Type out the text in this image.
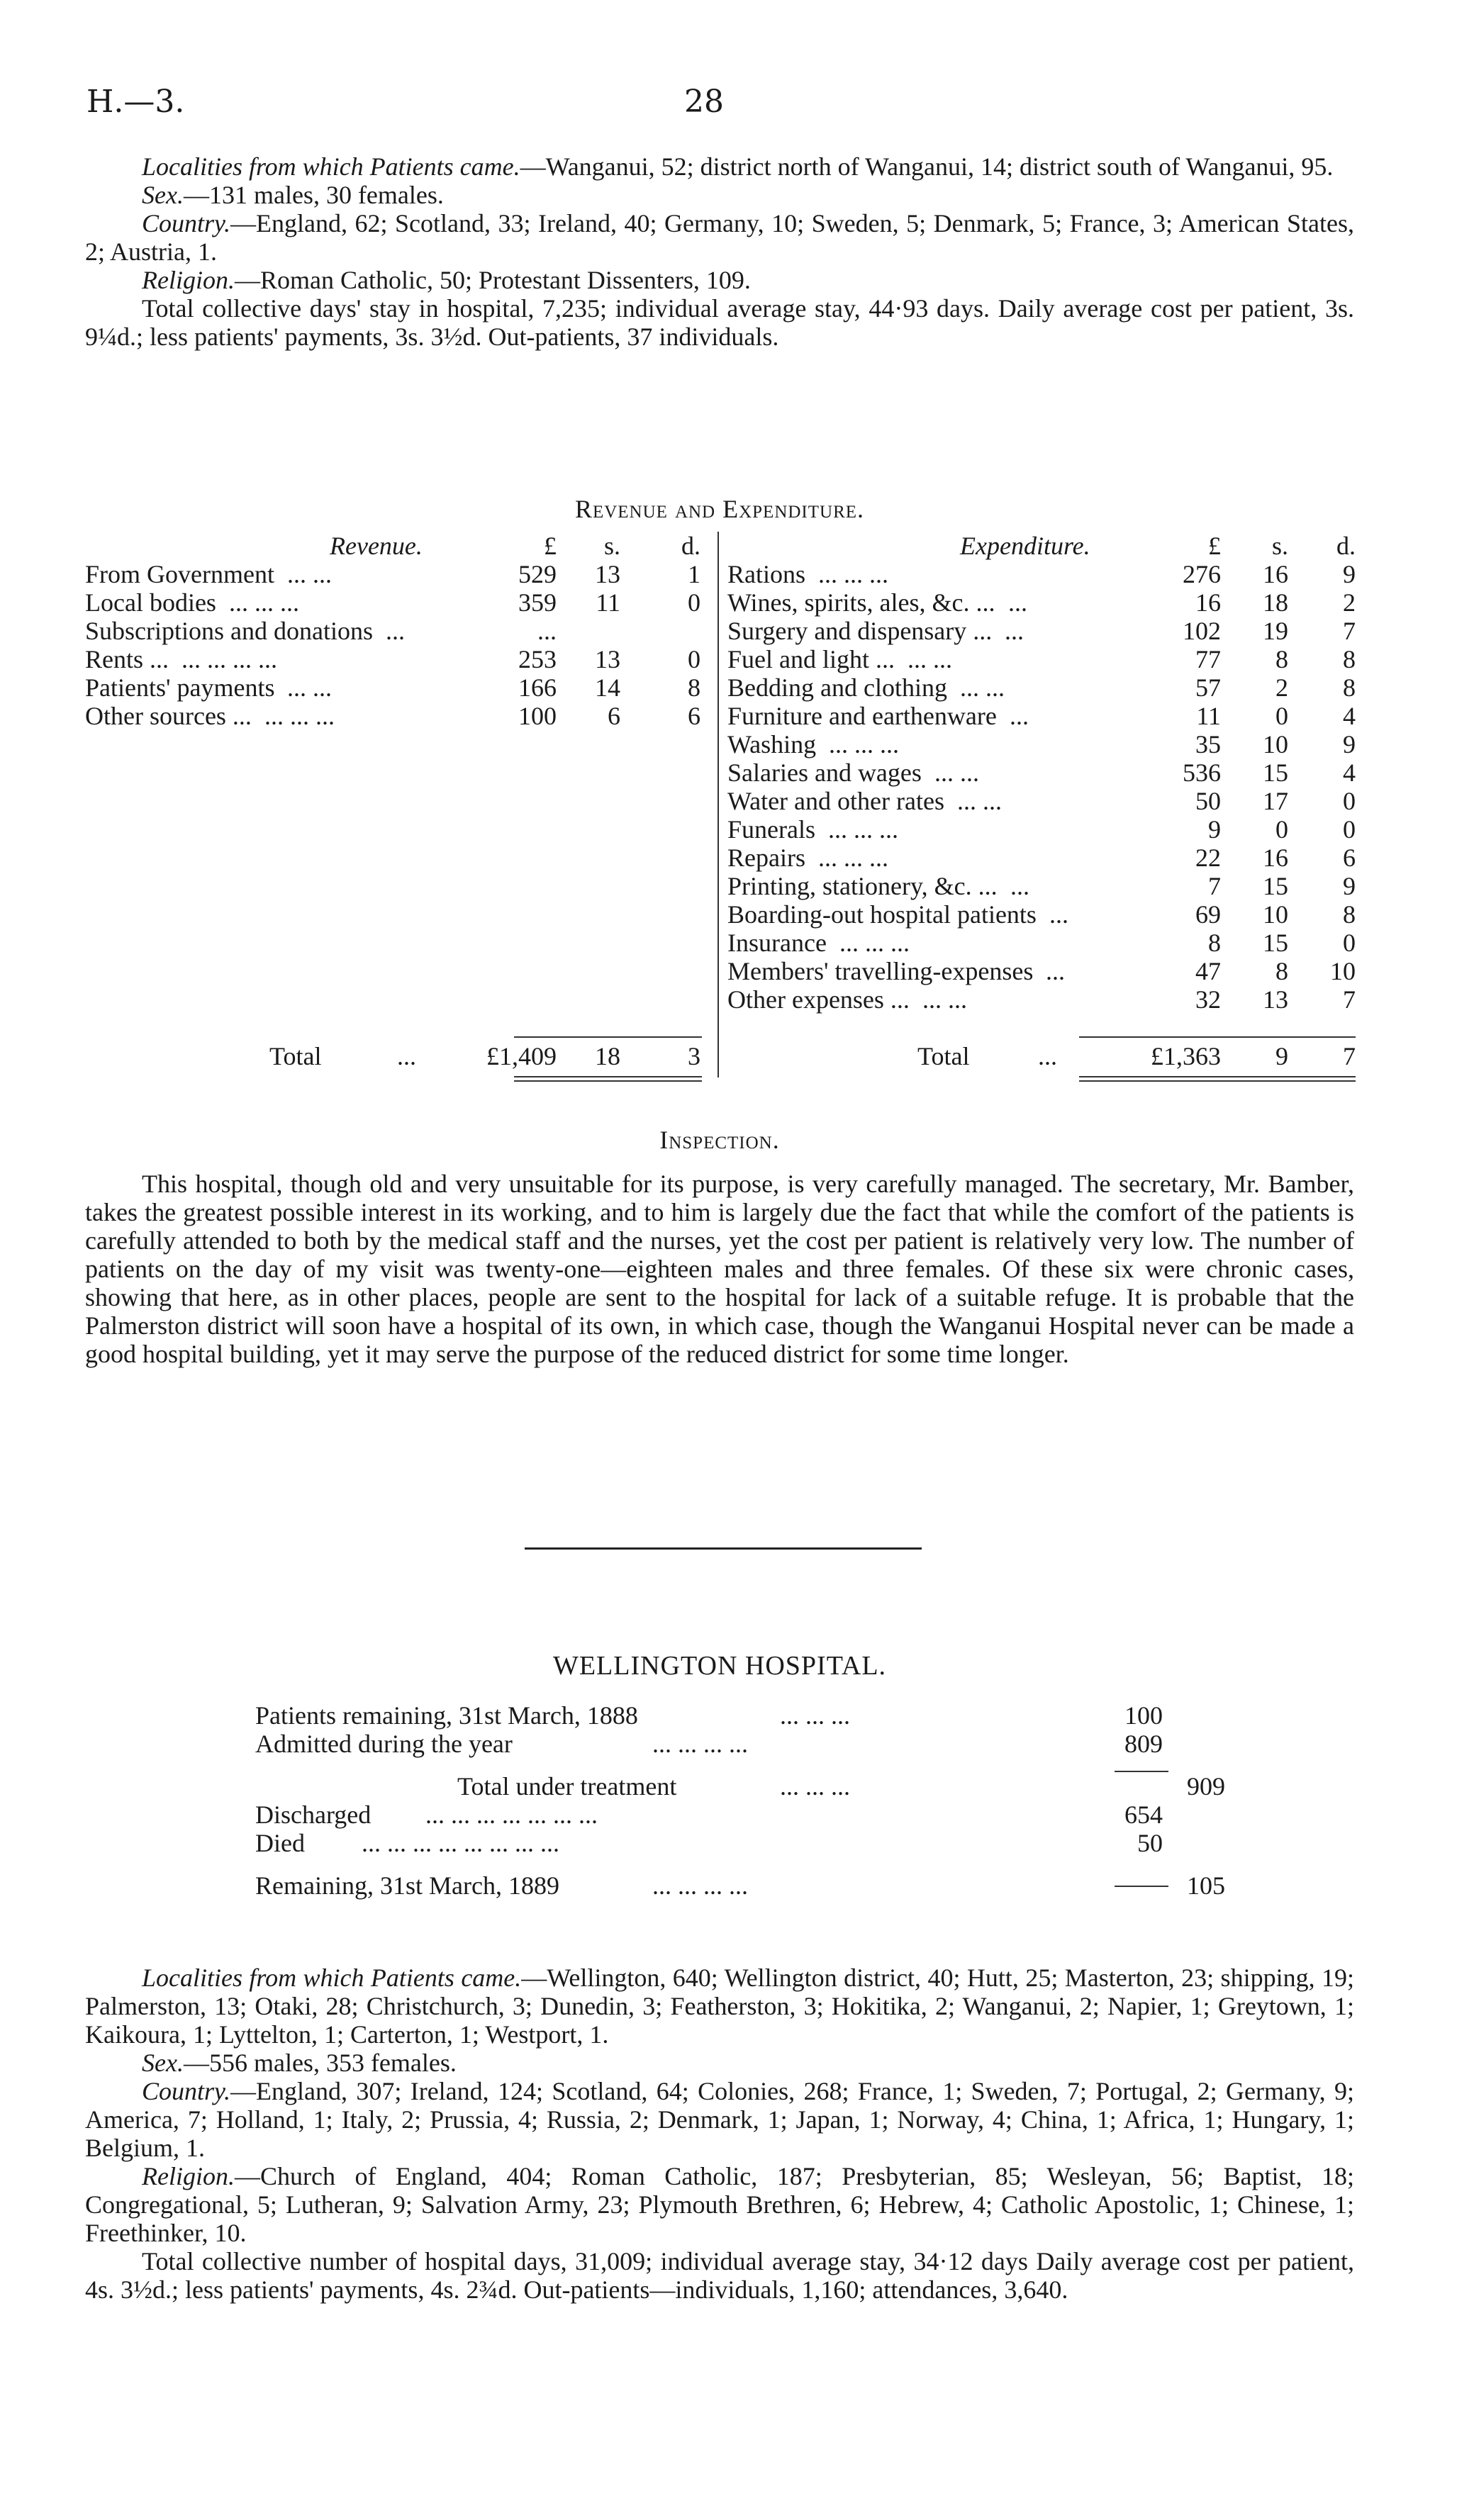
H.—3.	28

Localities from which Patients came.—Wanganui, 52; district north of Wanganui, 14; district south of Wanganui, 95.

Sex.—131 males, 30 females.

Country.—England, 62; Scotland, 33; Ireland, 40; Germany, 10; Sweden, 5; Denmark, 5; France, 3; American States, 2; Austria, 1.

Religion.—Roman Catholic, 50; Protestant Dissenters, 109.

Total collective days' stay in hospital, 7,235; individual average stay, 44·93 days. Daily average cost per patient, 3s. 9¼d.; less patients' payments, 3s. 3½d. Out-patients, 37 individuals.

Revenue and Expenditure.
Revenue.	£	s.	d.
From Government ... ...	529	13	1
Local bodies ... ... ...	359	11	0
Subscriptions and donations ...	...
Rents ... ... ... ... ...	253	13	0
Patients' payments ... ...	166	14	8
Other sources ... ... ... ...	100	6	6
Total	...	£1,409	18	3
Expenditure.	£	s.	d.
Rations ... ... ...	276	16	9
Wines, spirits, ales, &c. ... ...	16	18	2
Surgery and dispensary ... ...	102	19	7
Fuel and light ... ... ...	77	8	8
Bedding and clothing ... ...	57	2	8
Furniture and earthenware ...	11	0	4
Washing ... ... ...	35	10	9
Salaries and wages ... ...	536	15	4
Water and other rates ... ...	50	17	0
Funerals ... ... ...	9	0	0
Repairs ... ... ...	22	16	6
Printing, stationery, &c. ... ...	7	15	9
Boarding-out hospital patients ...	69	10	8
Insurance ... ... ...	8	15	0
Members' travelling-expenses ...	47	8	10
Other expenses ... ... ...	32	13	7
Total	...	£1,363	9	7
Inspection.

This hospital, though old and very unsuitable for its purpose, is very carefully managed. The secretary, Mr. Bamber, takes the greatest possible interest in its working, and to him is largely due the fact that while the comfort of the patients is carefully attended to both by the medical staff and the nurses, yet the cost per patient is relatively very low. The number of patients on the day of my visit was twenty-one—eighteen males and three females. Of these six were chronic cases, showing that here, as in other places, people are sent to the hospital for lack of a suitable refuge. It is probable that the Palmerston district will soon have a hospital of its own, in which case, though the Wanganui Hospital never can be made a good hospital building, yet it may serve the purpose of the reduced district for some time longer.

WELLINGTON HOSPITAL.
Patients remaining, 31st March, 1888	... ... ...	100
Admitted during the year	... ... ... ...	809
Total under treatment	... ... ...	909
Discharged ... ... ... ... ... ... ...	654
Died ... ... ... ... ... ... ... ...	50
Remaining, 31st March, 1889	... ... ... ...	105

Localities from which Patients came.—Wellington, 640; Wellington district, 40; Hutt, 25; Masterton, 23; shipping, 19; Palmerston, 13; Otaki, 28; Christchurch, 3; Dunedin, 3; Featherston, 3; Hokitika, 2; Wanganui, 2; Napier, 1; Greytown, 1; Kaikoura, 1; Lyttelton, 1; Carterton, 1; Westport, 1.

Sex.—556 males, 353 females.

Country.—England, 307; Ireland, 124; Scotland, 64; Colonies, 268; France, 1; Sweden, 7; Portugal, 2; Germany, 9; America, 7; Holland, 1; Italy, 2; Prussia, 4; Russia, 2; Denmark, 1; Japan, 1; Norway, 4; China, 1; Africa, 1; Hungary, 1; Belgium, 1.

Religion.—Church of England, 404; Roman Catholic, 187; Presbyterian, 85; Wesleyan, 56; Baptist, 18; Congregational, 5; Lutheran, 9; Salvation Army, 23; Plymouth Brethren, 6; Hebrew, 4; Catholic Apostolic, 1; Chinese, 1; Freethinker, 10.

Total collective number of hospital days, 31,009; individual average stay, 34·12 days Daily average cost per patient, 4s. 3½d.; less patients' payments, 4s. 2¾d. Out-patients—individuals, 1,160; attendances, 3,640.
